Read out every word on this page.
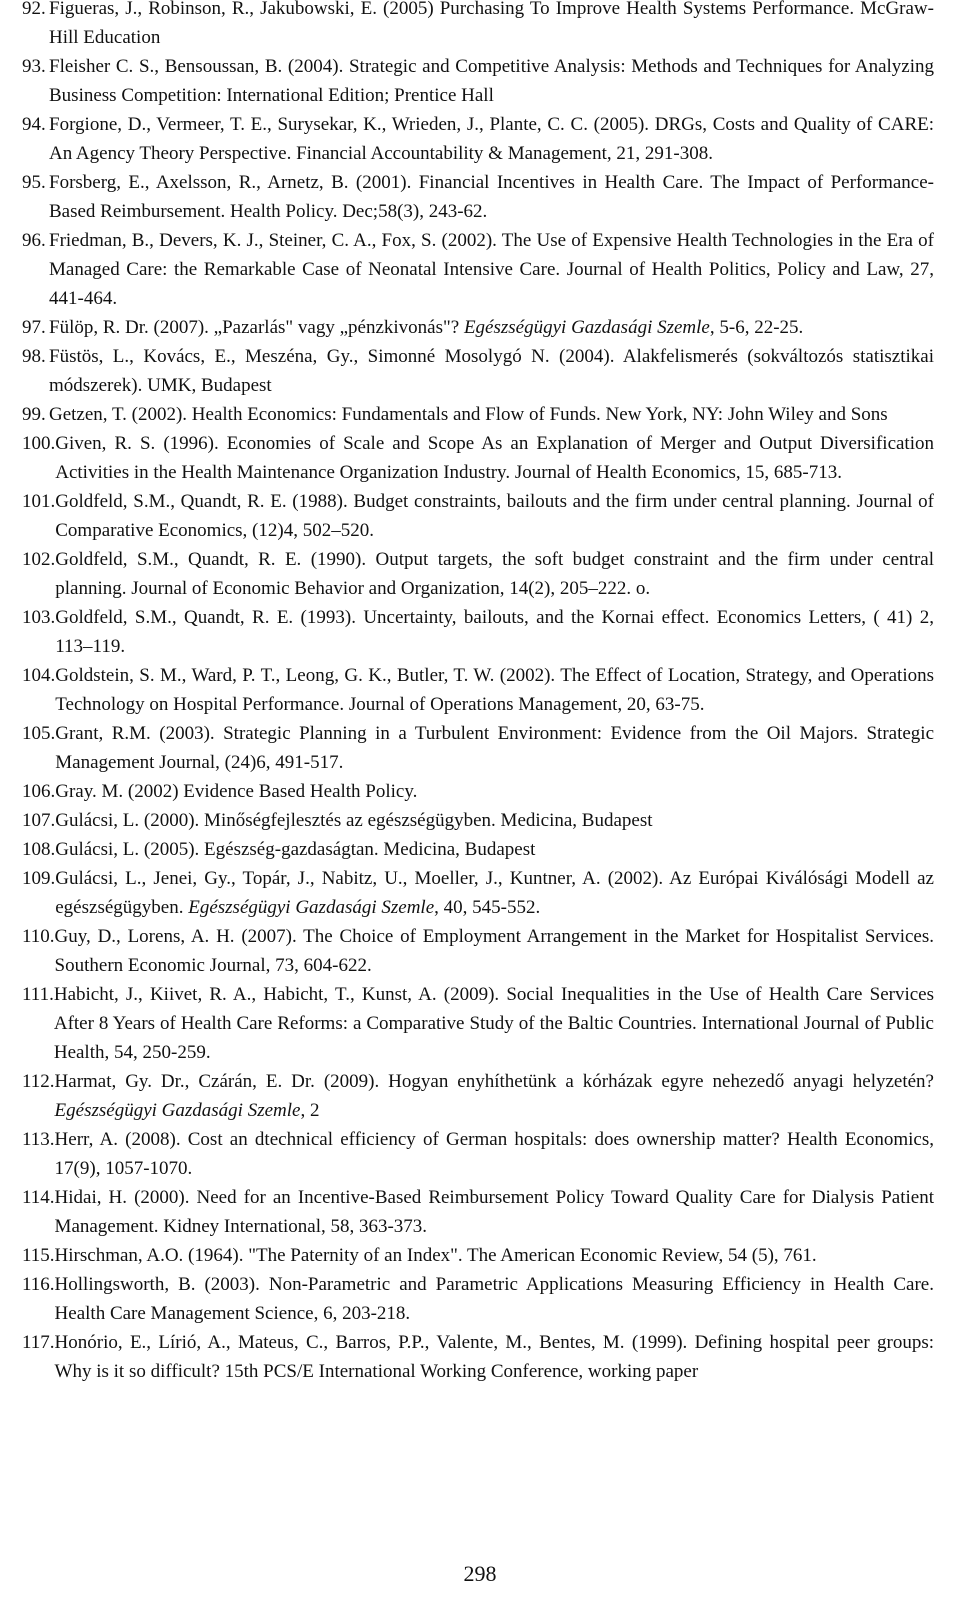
92. Figueras, J., Robinson, R., Jakubowski, E. (2005) Purchasing To Improve Health Systems Performance. McGraw-Hill Education
93. Fleisher C. S., Bensoussan, B. (2004). Strategic and Competitive Analysis: Methods and Techniques for Analyzing Business Competition: International Edition; Prentice Hall
94. Forgione, D., Vermeer, T. E., Surysekar, K., Wrieden, J., Plante, C. C. (2005). DRGs, Costs and Quality of CARE: An Agency Theory Perspective. Financial Accountability & Management, 21, 291-308.
95. Forsberg, E., Axelsson, R., Arnetz, B. (2001). Financial Incentives in Health Care. The Impact of Performance-Based Reimbursement. Health Policy. Dec;58(3), 243-62.
96. Friedman, B., Devers, K. J., Steiner, C. A., Fox, S. (2002). The Use of Expensive Health Technologies in the Era of Managed Care: the Remarkable Case of Neonatal Intensive Care. Journal of Health Politics, Policy and Law, 27, 441-464.
97. Fülöp, R. Dr. (2007). „Pazarlás" vagy „pénzkivonás"? Egészségügyi Gazdasági Szemle, 5-6, 22-25.
98. Füstös, L., Kovács, E., Meszéna, Gy., Simonné Mosolygó N. (2004). Alakfelismerés (sokváltozós statisztikai módszerek). UMK, Budapest
99. Getzen, T. (2002). Health Economics: Fundamentals and Flow of Funds. New York, NY: John Wiley and Sons
100. Given, R. S. (1996). Economies of Scale and Scope As an Explanation of Merger and Output Diversification Activities in the Health Maintenance Organization Industry. Journal of Health Economics, 15, 685-713.
101. Goldfeld, S.M., Quandt, R. E. (1988). Budget constraints, bailouts and the firm under central planning. Journal of Comparative Economics, (12)4, 502–520.
102. Goldfeld, S.M., Quandt, R. E. (1990). Output targets, the soft budget constraint and the firm under central planning. Journal of Economic Behavior and Organization, 14(2), 205–222. o.
103. Goldfeld, S.M., Quandt, R. E. (1993). Uncertainty, bailouts, and the Kornai effect. Economics Letters, ( 41) 2, 113–119.
104. Goldstein, S. M., Ward, P. T., Leong, G. K., Butler, T. W. (2002). The Effect of Location, Strategy, and Operations Technology on Hospital Performance. Journal of Operations Management, 20, 63-75.
105. Grant, R.M. (2003). Strategic Planning in a Turbulent Environment: Evidence from the Oil Majors. Strategic Management Journal, (24)6, 491-517.
106. Gray. M. (2002) Evidence Based Health Policy.
107. Gulácsi, L. (2000). Minőségfejlesztés az egészségügyben. Medicina, Budapest
108. Gulácsi, L. (2005). Egészség-gazdaságtan. Medicina, Budapest
109. Gulácsi, L., Jenei, Gy., Topár, J., Nabitz, U., Moeller, J., Kuntner, A. (2002). Az Európai Kiválósági Modell az egészségügyben. Egészségügyi Gazdasági Szemle, 40, 545-552.
110. Guy, D., Lorens, A. H. (2007). The Choice of Employment Arrangement in the Market for Hospitalist Services. Southern Economic Journal, 73, 604-622.
111. Habicht, J., Kiivet, R. A., Habicht, T., Kunst, A. (2009). Social Inequalities in the Use of Health Care Services After 8 Years of Health Care Reforms: a Comparative Study of the Baltic Countries. International Journal of Public Health, 54, 250-259.
112. Harmat, Gy. Dr., Czárán, E. Dr. (2009). Hogyan enyhíthetünk a kórházak egyre nehezedő anyagi helyzetén? Egészségügyi Gazdasági Szemle, 2
113. Herr, A. (2008). Cost an dtechnical efficiency of German hospitals: does ownership matter? Health Economics, 17(9), 1057-1070.
114. Hidai, H. (2000). Need for an Incentive-Based Reimbursement Policy Toward Quality Care for Dialysis Patient Management. Kidney International, 58, 363-373.
115. Hirschman, A.O. (1964). "The Paternity of an Index". The American Economic Review, 54 (5), 761.
116. Hollingsworth, B. (2003). Non-Parametric and Parametric Applications Measuring Efficiency in Health Care. Health Care Management Science, 6, 203-218.
117. Honório, E., Lírió, A., Mateus, C., Barros, P.P., Valente, M., Bentes, M. (1999). Defining hospital peer groups: Why is it so difficult? 15th PCS/E International Working Conference, working paper
298
